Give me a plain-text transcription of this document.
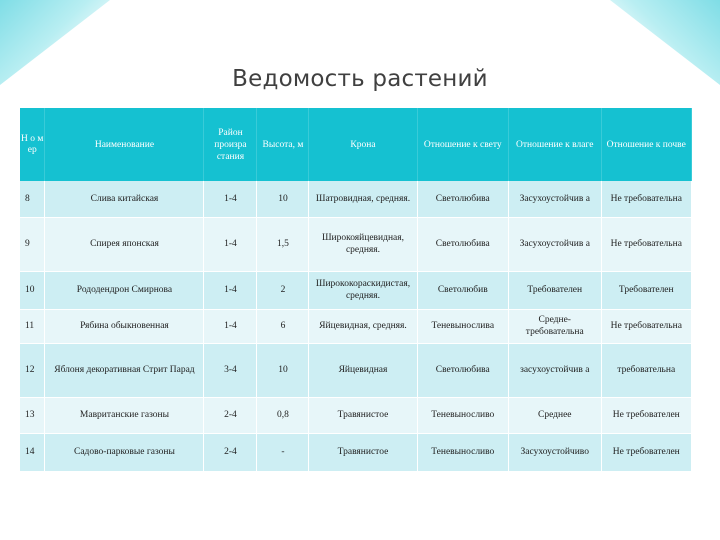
Ведомость растений
Н о м ер	Наименование	Район произра стания	Высота, м	Крона	Отношение к свету	Отношение к влаге	Отношение к почве
8	Слива китайская	1-4	10	Шатровидная, средняя.	Светолюбива	Засухоустойчив а	Не требовательна
9	Спирея японская	1-4	1,5	Широкояйцевидная, средняя.	Светолюбива	Засухоустойчив а	Не требовательна
10	Рододендрон Смирнова	1-4	2	Ширококораскидистая, средняя.	Светолюбив	Требователен	Требователен
11	Рябина обыкновенная	1-4	6	Яйцевидная, средняя.	Теневыносливa	Средне- требовательна	Не требовательна
12	Яблоня декоративная Стрит Парад	3-4	10	Яйцевидная	Светолюбива	засухоустойчив а	требовательна
13	Мавританские газоны	2-4	0,8	Травянистое	Теневыносливо	Среднее	Не требователен
14	Садово-парковые газоны	2-4	-	Травянистое	Теневыносливо	Засухоустойчиво	Не требователен
